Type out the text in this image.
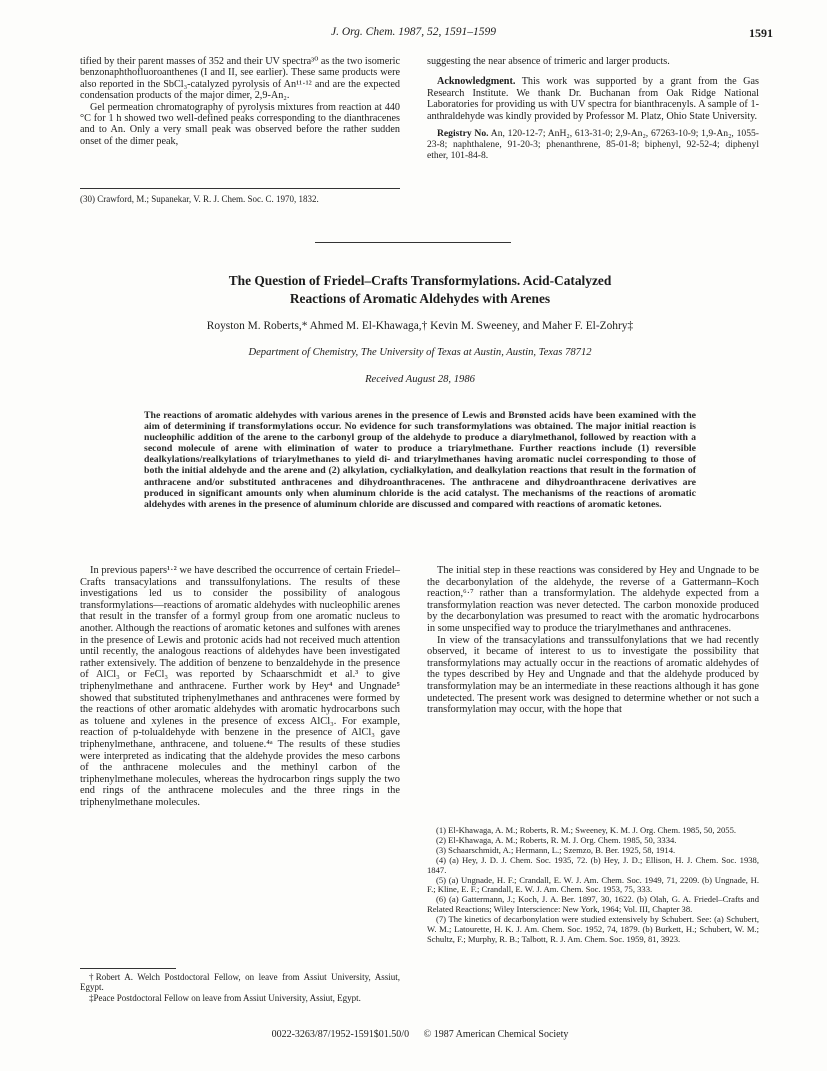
J. Org. Chem. 1987, 52, 1591–1599	1591

tified by their parent masses of 352 and their UV spectra³⁰ as the two isomeric benzonaphthofluoroanthenes (I and II, see earlier). These same products were also reported in the SbCl₃-catalyzed pyrolysis of An¹¹·¹² and are the expected condensation products of the major dimer, 2,9-An₂.

Gel permeation chromatography of pyrolysis mixtures from reaction at 440 °C for 1 h showed two well-defined peaks corresponding to the dianthracenes and to An. Only a very small peak was observed before the rather sudden onset of the dimer peak,

(30) Crawford, M.; Supanekar, V. R. J. Chem. Soc. C. 1970, 1832.

suggesting the near absence of trimeric and larger products.

Acknowledgment. This work was supported by a grant from the Gas Research Institute. We thank Dr. Buchanan from Oak Ridge National Laboratories for providing us with UV spectra for bianthracenyls. A sample of 1-anthraldehyde was kindly provided by Professor M. Platz, Ohio State University.

Registry No. An, 120-12-7; AnH₂, 613-31-0; 2,9-An₂, 67263-10-9; 1,9-An₂, 1055-23-8; naphthalene, 91-20-3; phenanthrene, 85-01-8; biphenyl, 92-52-4; diphenyl ether, 101-84-8.

The Question of Friedel–Crafts Transformylations. Acid-Catalyzed
Reactions of Aromatic Aldehydes with Arenes
Royston M. Roberts,* Ahmed M. El-Khawaga,† Kevin M. Sweeney, and Maher F. El-Zohry‡
Department of Chemistry, The University of Texas at Austin, Austin, Texas 78712
Received August 28, 1986
The reactions of aromatic aldehydes with various arenes in the presence of Lewis and Brønsted acids have been examined with the aim of determining if transformylations occur. No evidence for such transformylations was obtained. The major initial reaction is nucleophilic addition of the arene to the carbonyl group of the aldehyde to produce a diarylmethanol, followed by reaction with a second molecule of arene with elimination of water to produce a triarylmethane. Further reactions include (1) reversible dealkylations/realkylations of triarylmethanes to yield di- and triarylmethanes having aromatic nuclei corresponding to those of both the initial aldehyde and the arene and (2) alkylation, cyclialkylation, and dealkylation reactions that result in the formation of anthracene and/or substituted anthracenes and dihydroanthracenes. The anthracene and dihydroanthracene derivatives are produced in significant amounts only when aluminum chloride is the acid catalyst. The mechanisms of the reactions of aromatic aldehydes with arenes in the presence of aluminum chloride are discussed and compared with reactions of aromatic ketones.

In previous papers¹·² we have described the occurrence of certain Friedel–Crafts transacylations and transsulfonylations. The results of these investigations led us to consider the possibility of analogous transformylations—reactions of aromatic aldehydes with nucleophilic arenes that result in the transfer of a formyl group from one aromatic nucleus to another. Although the reactions of aromatic ketones and sulfones with arenes in the presence of Lewis and protonic acids had not received much attention until recently, the analogous reactions of aldehydes have been investigated rather extensively. The addition of benzene to benzaldehyde in the presence of AlCl₃ or FeCl₃ was reported by Schaarschmidt et al.³ to give triphenylmethane and anthracene. Further work by Hey⁴ and Ungnade⁵ showed that substituted triphenylmethanes and anthracenes were formed by the reactions of other aromatic aldehydes with aromatic hydrocarbons such as toluene and xylenes in the presence of excess AlCl₃. For example, reaction of p-tolualdehyde with benzene in the presence of AlCl₃ gave triphenylmethane, anthracene, and toluene.⁴ᵃ The results of these studies were interpreted as indicating that the aldehyde provides the meso carbons of the anthracene molecules and the methinyl carbon of the triphenylmethane molecules, whereas the hydrocarbon rings supply the two end rings of the anthracene molecules and the three rings in the triphenylmethane molecules.

The initial step in these reactions was considered by Hey and Ungnade to be the decarbonylation of the aldehyde, the reverse of a Gattermann–Koch reaction,⁶·⁷ rather than a transformylation. The aldehyde expected from a transformylation reaction was never detected. The carbon monoxide produced by the decarbonylation was presumed to react with the aromatic hydrocarbons in some unspecified way to produce the triarylmethanes and anthracenes.

In view of the transacylations and transsulfonylations that we had recently observed, it became of interest to us to investigate the possibility that transformylations may actually occur in the reactions of aromatic aldehydes of the types described by Hey and Ungnade and that the aldehyde produced by transformylation may be an intermediate in these reactions although it has gone undetected. The present work was designed to determine whether or not such a transformylation may occur, with the hope that

(1) El-Khawaga, A. M.; Roberts, R. M.; Sweeney, K. M. J. Org. Chem. 1985, 50, 2055.

(2) El-Khawaga, A. M.; Roberts, R. M. J. Org. Chem. 1985, 50, 3334.

(3) Schaarschmidt, A.; Hermann, L.; Szemzo, B. Ber. 1925, 58, 1914.

(4) (a) Hey, J. D. J. Chem. Soc. 1935, 72. (b) Hey, J. D.; Ellison, H. J. Chem. Soc. 1938, 1847.

(5) (a) Ungnade, H. F.; Crandall, E. W. J. Am. Chem. Soc. 1949, 71, 2209. (b) Ungnade, H. F.; Kline, E. F.; Crandall, E. W. J. Am. Chem. Soc. 1953, 75, 333.

(6) (a) Gattermann, J.; Koch, J. A. Ber. 1897, 30, 1622. (b) Olah, G. A. Friedel–Crafts and Related Reactions; Wiley Interscience: New York, 1964; Vol. III, Chapter 38.

(7) The kinetics of decarbonylation were studied extensively by Schubert. See: (a) Schubert, W. M.; Latourette, H. K. J. Am. Chem. Soc. 1952, 74, 1879. (b) Burkett, H.; Schubert, W. M.; Schultz, F.; Murphy, R. B.; Talbott, R. J. Am. Chem. Soc. 1959, 81, 3923.

†Robert A. Welch Postdoctoral Fellow, on leave from Assiut University, Assiut, Egypt.

‡Peace Postdoctoral Fellow on leave from Assiut University, Assiut, Egypt.

0022-3263/87/1952-1591$01.50/0 © 1987 American Chemical Society
